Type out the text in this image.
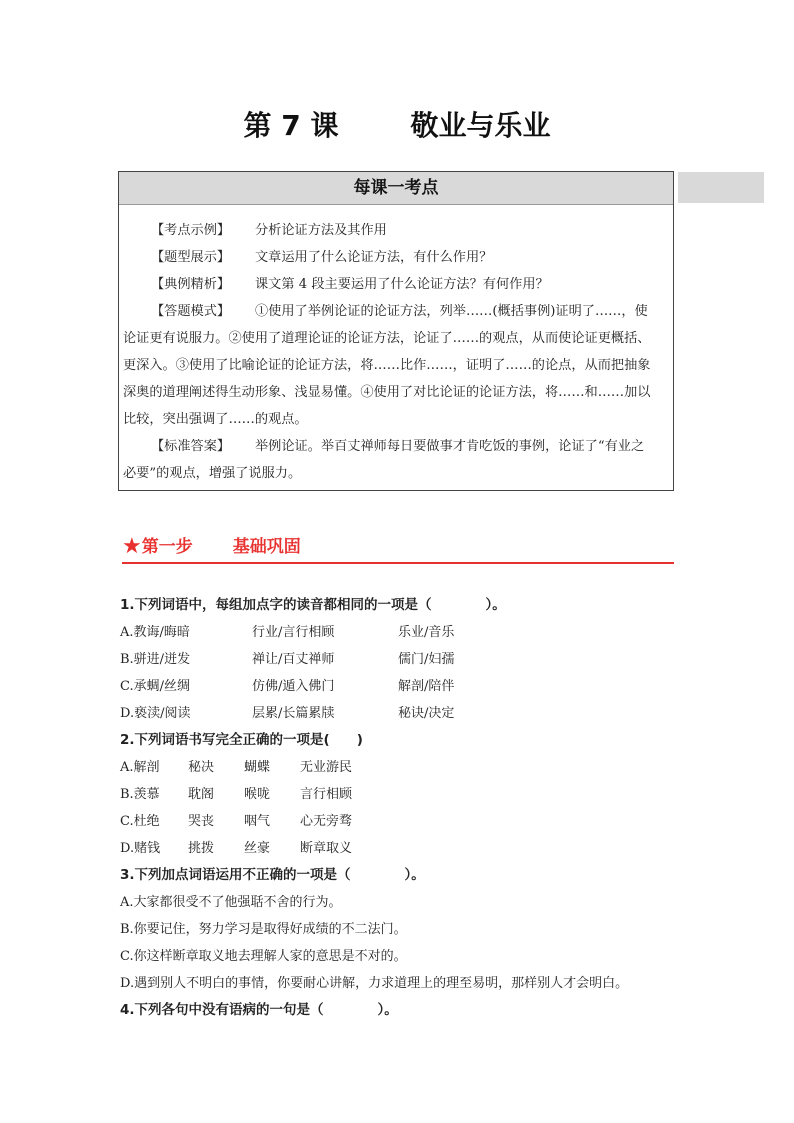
第 7 课	敬业与乐业
每课一考点
【考点示例】 分析论证方法及其作用
【题型展示】 文章运用了什么论证方法，有什么作用？
【典例精析】 课文第 4 段主要运用了什么论证方法？有何作用？
【答题模式】 ①使用了举例论证的论证方法，列举……(概括事例)证明了……，使
论证更有说服力。②使用了道理论证的论证方法，论证了……的观点，从而使论证更概括、
更深入。③使用了比喻论证的论证方法，将……比作……，证明了……的论点，从而把抽象
深奥的道理阐述得生动形象、浅显易懂。④使用了对比论证的论证方法，将……和……加以
比较，突出强调了……的观点。
【标准答案】 举例论证。举百丈禅师每日要做事才肯吃饭的事例，论证了“有业之
必要”的观点，增强了说服力。
★第一步 基础巩固
1.下列词语中，每组加点字的读音都相同的一项是（　　　　）。
A.教诲/晦暗	行业/言行相顾	乐业/音乐
B.骈进/迸发	禅让/百丈禅师	儒门/妇孺
C.承蜩/丝绸	仿佛/遁入佛门	解剖/陪伴
D.亵渎/阅读	层累/长篇累牍	秘诀/决定
2.下列词语书写完全正确的一项是(　　)
A.解剖 秘决 蝴蝶 无业游民
B.羡慕 耽阁 喉咙 言行相顾
C.杜绝 哭丧 咽气 心无旁骛
D.赌钱 挑拨 丝豪 断章取义
3.下列加点词语运用不正确的一项是（　　　　）。
A.大家都很受不了他强聒不舍的行为。
B.你要记住，努力学习是取得好成绩的不二法门。
C.你这样断章取义地去理解人家的意思是不对的。
D.遇到别人不明白的事情，你要耐心讲解，力求道理上的理至易明，那样别人才会明白。
4.下列各句中没有语病的一句是（　　　　）。
